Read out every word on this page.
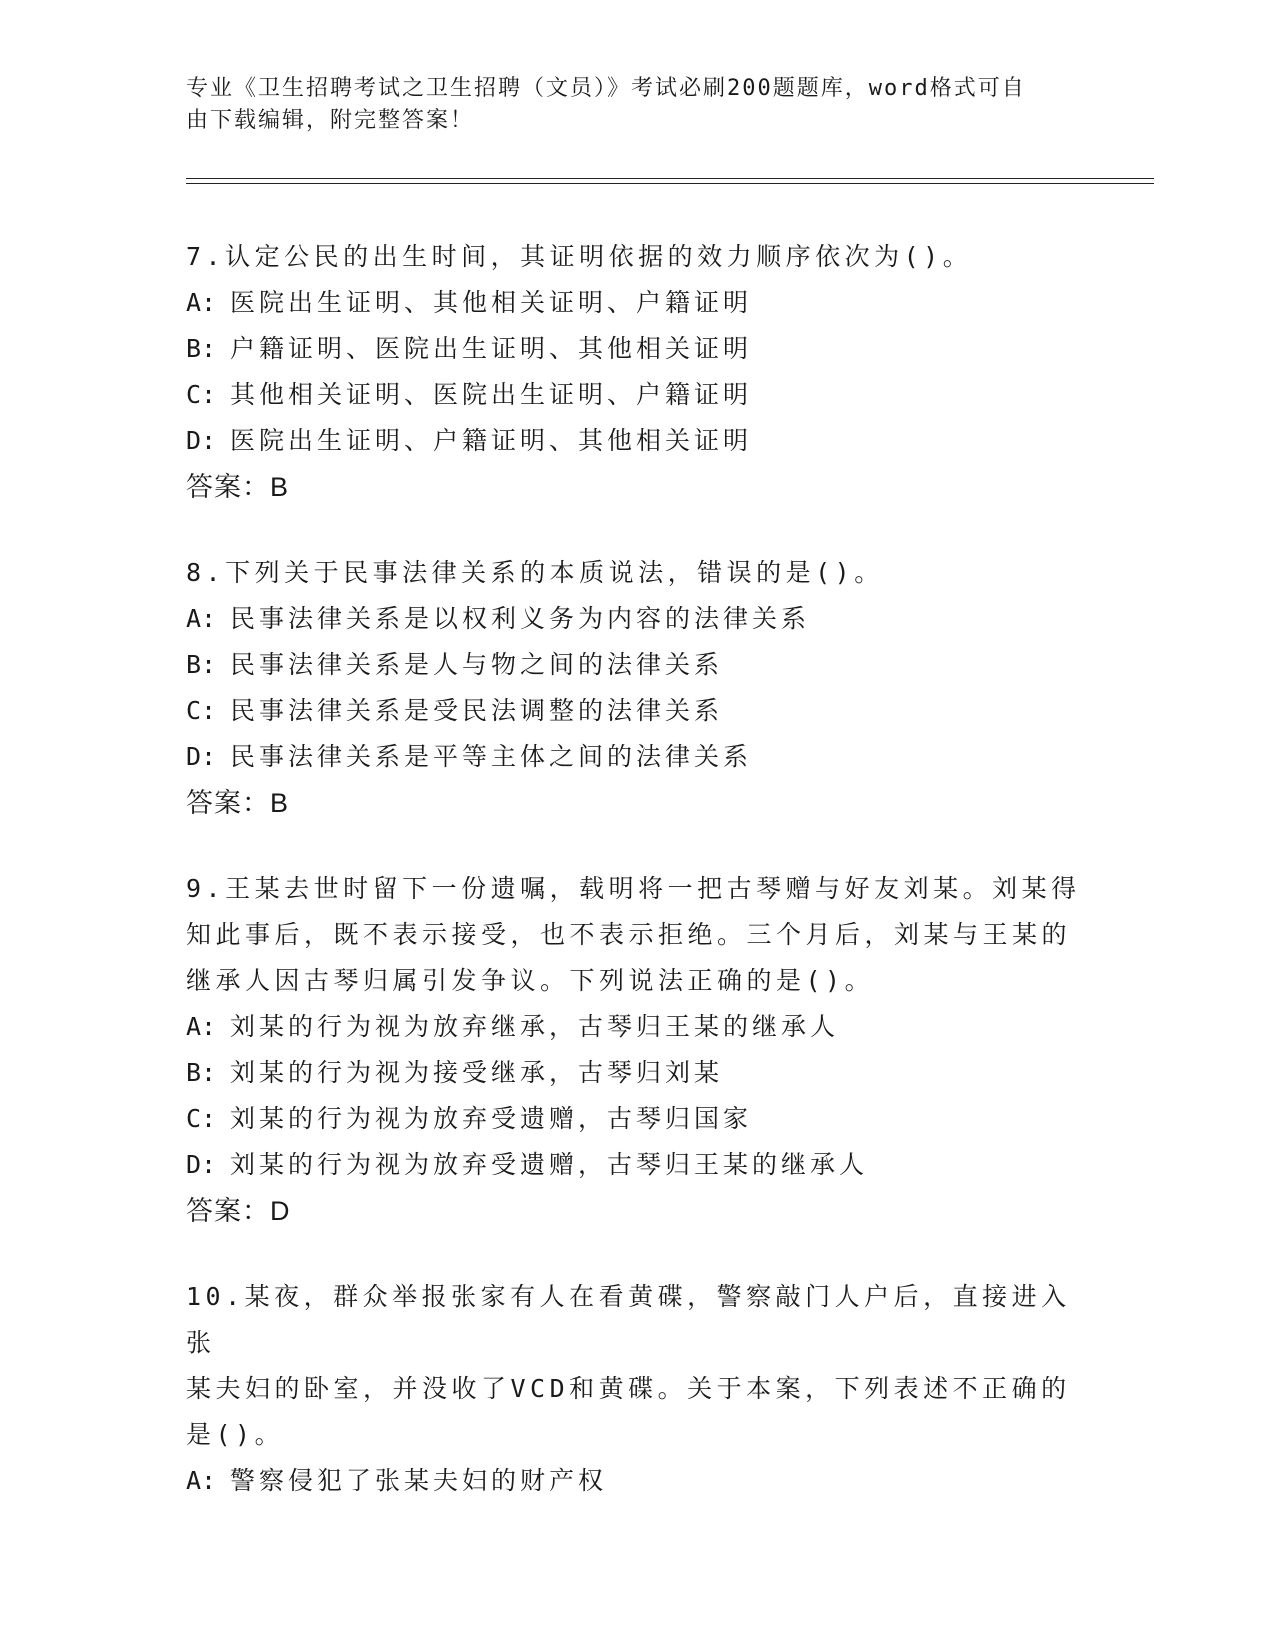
专业《卫生招聘考试之卫生招聘（文员）》考试必刷200题题库，word格式可自
由下载编辑，附完整答案！

7.认定公民的出生时间，其证明依据的效力顺序依次为()。

A: 医院出生证明、其他相关证明、户籍证明

B: 户籍证明、医院出生证明、其他相关证明

C: 其他相关证明、医院出生证明、户籍证明

D: 医院出生证明、户籍证明、其他相关证明

答案：B

8.下列关于民事法律关系的本质说法，错误的是()。

A: 民事法律关系是以权利义务为内容的法律关系

B: 民事法律关系是人与物之间的法律关系

C: 民事法律关系是受民法调整的法律关系

D: 民事法律关系是平等主体之间的法律关系

答案：B

9.王某去世时留下一份遗嘱，载明将一把古琴赠与好友刘某。刘某得

知此事后，既不表示接受，也不表示拒绝。三个月后，刘某与王某的

继承人因古琴归属引发争议。下列说法正确的是()。

A: 刘某的行为视为放弃继承，古琴归王某的继承人

B: 刘某的行为视为接受继承，古琴归刘某

C: 刘某的行为视为放弃受遗赠，古琴归国家

D: 刘某的行为视为放弃受遗赠，古琴归王某的继承人

答案：D

10.某夜，群众举报张家有人在看黄碟，警察敲门人户后，直接进入张

某夫妇的卧室，并没收了VCD和黄碟。关于本案，下列表述不正确的

是()。

A: 警察侵犯了张某夫妇的财产权
